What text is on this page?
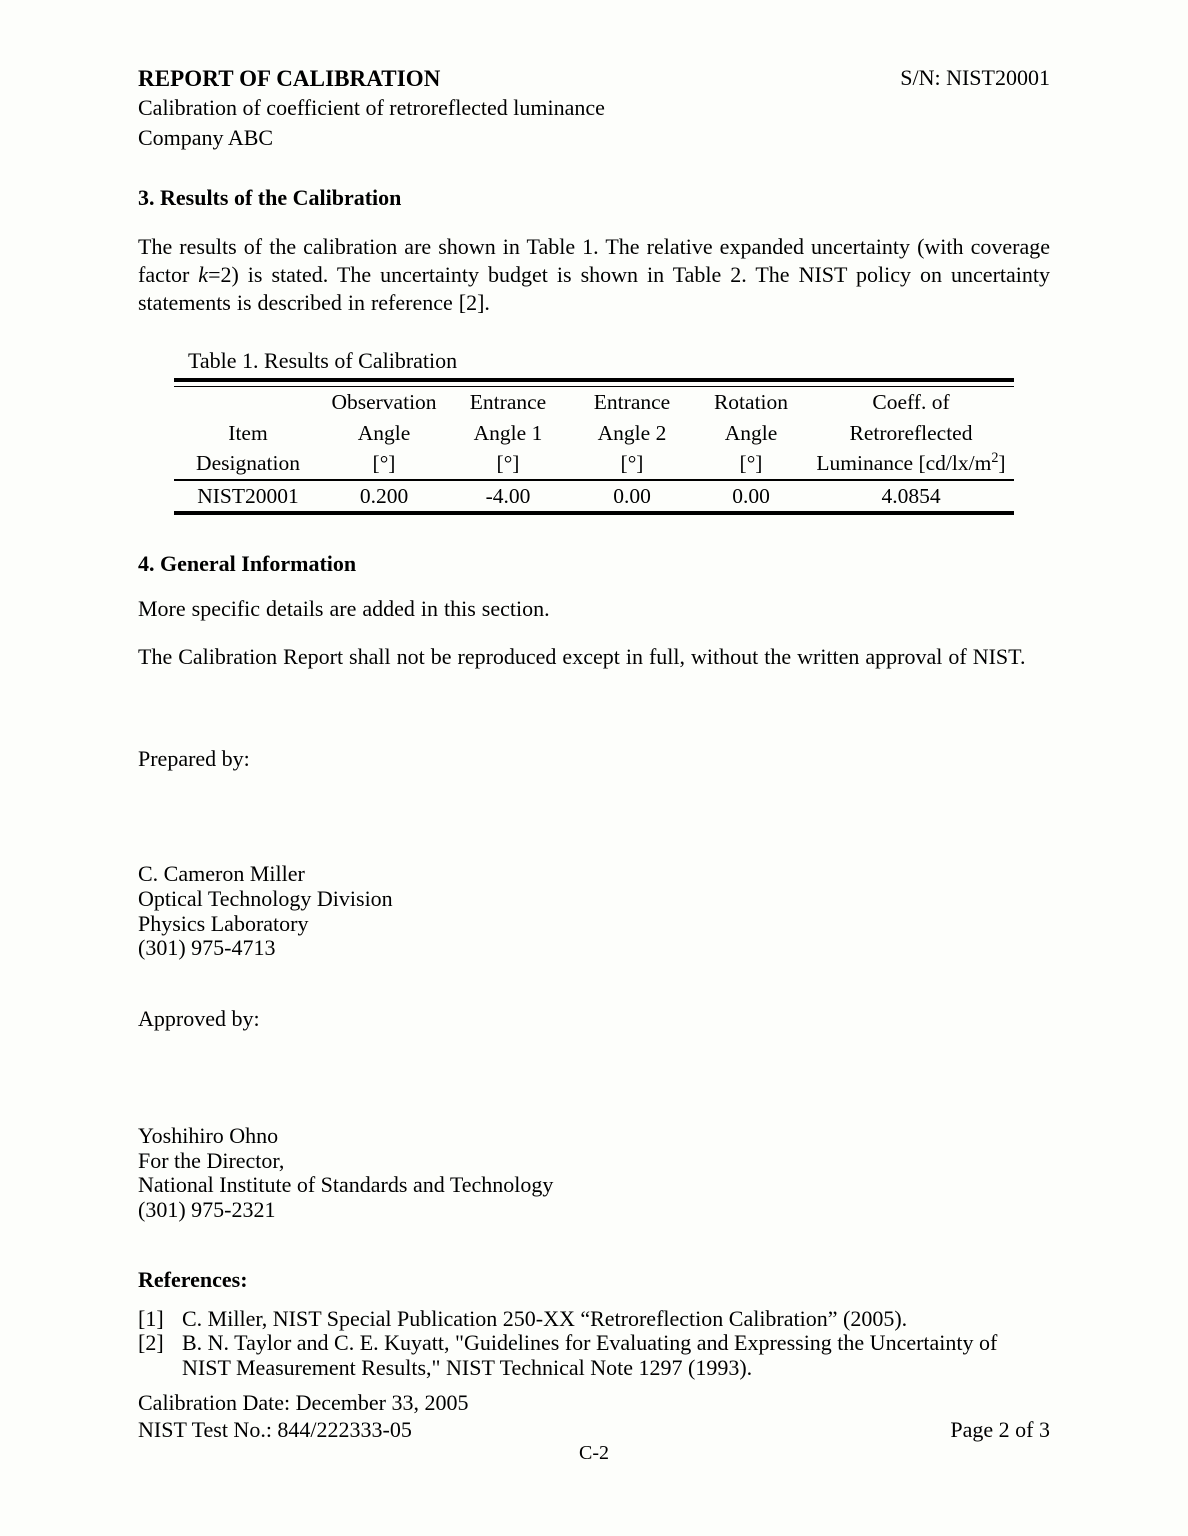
REPORT OF CALIBRATION	S/N: NIST20001
Calibration of coefficient of retroreflected luminance
Company ABC
3. Results of the Calibration

The results of the calibration are shown in Table 1. The relative expanded uncertainty (with coverage factor k=2) is stated. The uncertainty budget is shown in Table 2. The NIST policy on uncertainty statements is described in reference [2].

Table 1. Results of Calibration
	Observation	Entrance	Entrance	Rotation	Coeff. of
Item	Angle	Angle 1	Angle 2	Angle	Retroreflected
Designation	[°]	[°]	[°]	[°]	Luminance $[cd/lx/m^2]$
NIST20001	0.200	-4.00	0.00	0.00	4.0854
4. General Information

More specific details are added in this section.

The Calibration Report shall not be reproduced except in full, without the written approval of NIST.

Prepared by:
C. Cameron Miller
Optical Technology Division
Physics Laboratory
(301) 975-4713
Approved by:
Yoshihiro Ohno
For the Director,
National Institute of Standards and Technology
(301) 975-2321
References:
[1] C. Miller, NIST Special Publication 250-XX “Retroreflection Calibration” (2005).
[2] B. N. Taylor and C. E. Kuyatt, "Guidelines for Evaluating and Expressing the Uncertainty of NIST Measurement Results," NIST Technical Note 1297 (1993).
Calibration Date: December 33, 2005
NIST Test No.: 844/222333-05	Page 2 of 3
C-2
